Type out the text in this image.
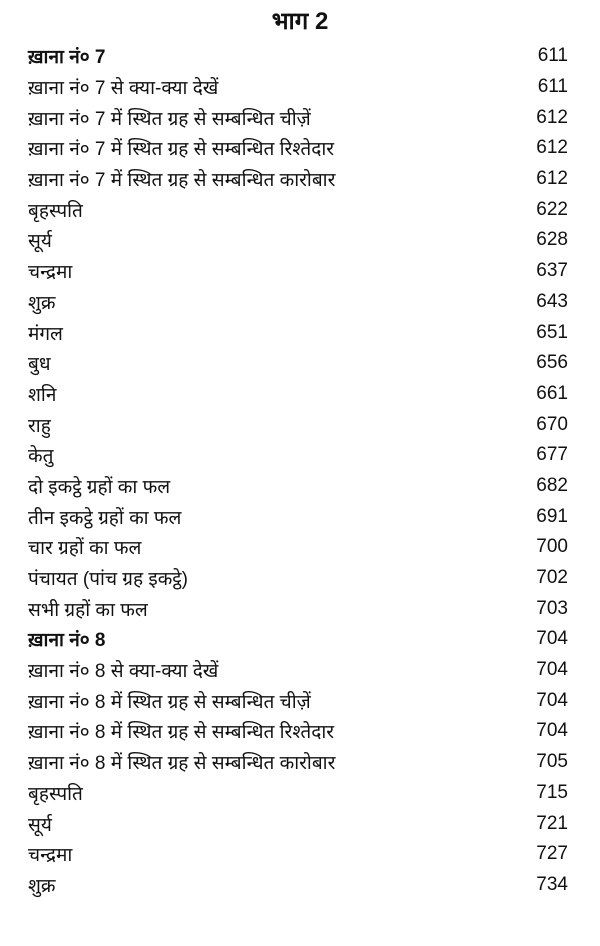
भाग 2
ख़ाना नं० 7	611
ख़ाना नं० 7 से क्या-क्या देखें	611
ख़ाना नं० 7 में स्थित ग्रह से सम्बन्धित चीज़ें	612
ख़ाना नं० 7 में स्थित ग्रह से सम्बन्धित रिश्तेदार	612
ख़ाना नं० 7 में स्थित ग्रह से सम्बन्धित कारोबार	612
बृहस्पति	622
सूर्य	628
चन्द्रमा	637
शुक्र	643
मंगल	651
बुध	656
शनि	661
राहु	670
केतु	677
दो इकट्ठे ग्रहों का फल	682
तीन इकट्ठे ग्रहों का फल	691
चार ग्रहों का फल	700
पंचायत (पांच ग्रह इकट्ठे)	702
सभी ग्रहों का फल	703
ख़ाना नं० 8	704
ख़ाना नं० 8 से क्या-क्या देखें	704
ख़ाना नं० 8 में स्थित ग्रह से सम्बन्धित चीज़ें	704
ख़ाना नं० 8 में स्थित ग्रह से सम्बन्धित रिश्तेदार	704
ख़ाना नं० 8 में स्थित ग्रह से सम्बन्धित कारोबार	705
बृहस्पति	715
सूर्य	721
चन्द्रमा	727
शुक्र	734
